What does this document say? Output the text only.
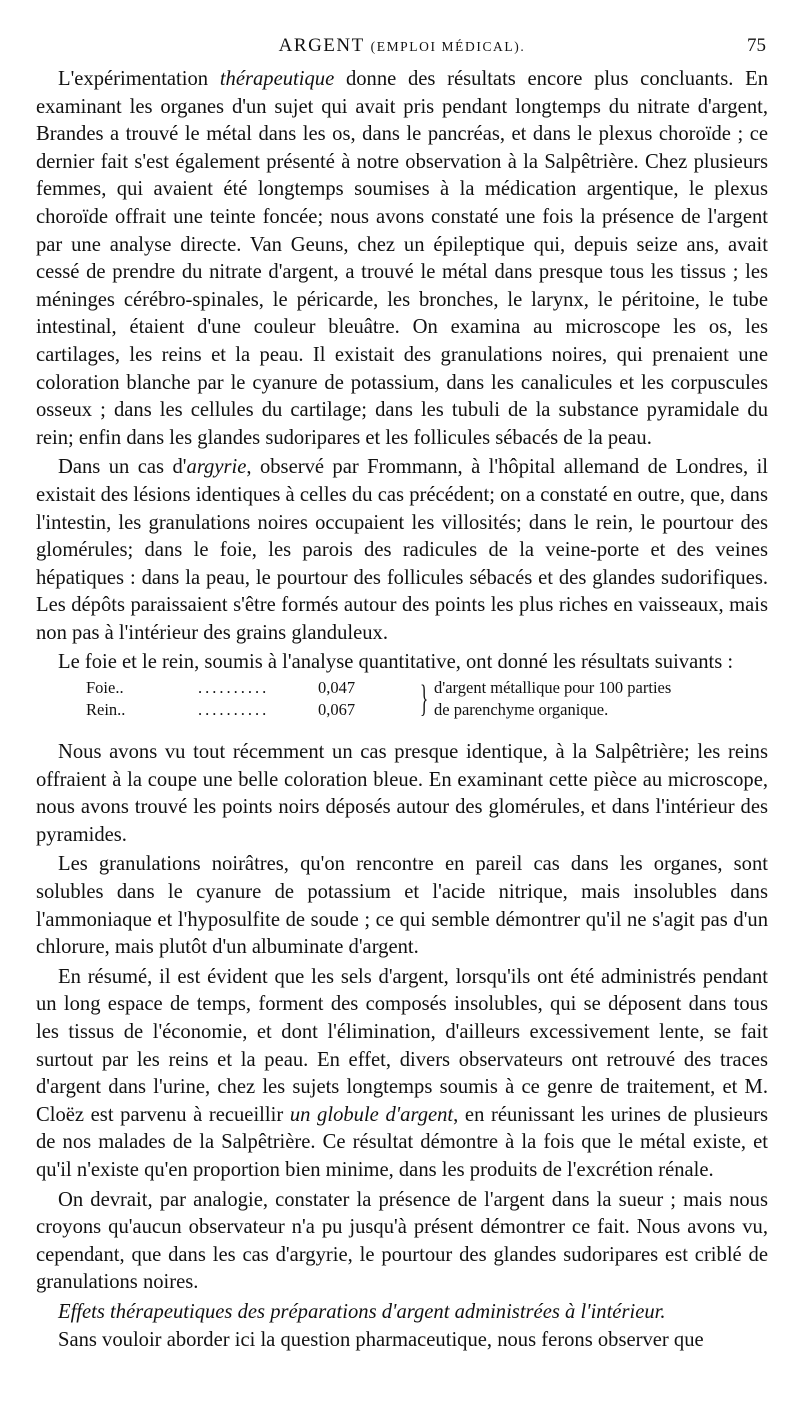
ARGENT (EMPLOI MÉDICAL).	75

L'expérimentation thérapeutique donne des résultats encore plus concluants. En examinant les organes d'un sujet qui avait pris pendant longtemps du nitrate d'argent, Brandes a trouvé le métal dans les os, dans le pancréas, et dans le plexus choroïde ; ce dernier fait s'est également présenté à notre observation à la Salpêtrière. Chez plusieurs femmes, qui avaient été longtemps soumises à la médication argentique, le plexus choroïde offrait une teinte foncée; nous avons constaté une fois la présence de l'argent par une analyse directe. Van Geuns, chez un épileptique qui, depuis seize ans, avait cessé de prendre du nitrate d'argent, a trouvé le métal dans presque tous les tissus ; les méninges cérébro-spinales, le péricarde, les bronches, le larynx, le péritoine, le tube intestinal, étaient d'une couleur bleuâtre. On examina au microscope les os, les cartilages, les reins et la peau. Il existait des granulations noires, qui prenaient une coloration blanche par le cyanure de potassium, dans les canalicules et les corpuscules osseux ; dans les cellules du cartilage; dans les tubuli de la substance pyramidale du rein; enfin dans les glandes sudoripares et les follicules sébacés de la peau.

Dans un cas d'argyrie, observé par Frommann, à l'hôpital allemand de Londres, il existait des lésions identiques à celles du cas précédent; on a constaté en outre, que, dans l'intestin, les granulations noires occupaient les villosités; dans le rein, le pourtour des glomérules; dans le foie, les parois des radicules de la veine-porte et des veines hépatiques : dans la peau, le pourtour des follicules sébacés et des glandes sudorifiques. Les dépôts paraissaient s'être formés autour des points les plus riches en vaisseaux, mais non pas à l'intérieur des grains glanduleux.

Le foie et le rein, soumis à l'analyse quantitative, ont donné les résultats suivants :

Foie..	..........	0,047
Rein..	..........	0,067	} d'argent métallique pour 100 parties
de parenchyme organique.

Nous avons vu tout récemment un cas presque identique, à la Salpêtrière; les reins offraient à la coupe une belle coloration bleue. En examinant cette pièce au microscope, nous avons trouvé les points noirs déposés autour des glomérules, et dans l'intérieur des pyramides.

Les granulations noirâtres, qu'on rencontre en pareil cas dans les organes, sont solubles dans le cyanure de potassium et l'acide nitrique, mais insolubles dans l'ammoniaque et l'hyposulfite de soude ; ce qui semble démontrer qu'il ne s'agit pas d'un chlorure, mais plutôt d'un albuminate d'argent.

En résumé, il est évident que les sels d'argent, lorsqu'ils ont été administrés pendant un long espace de temps, forment des composés insolubles, qui se déposent dans tous les tissus de l'économie, et dont l'élimination, d'ailleurs excessivement lente, se fait surtout par les reins et la peau. En effet, divers observateurs ont retrouvé des traces d'argent dans l'urine, chez les sujets longtemps soumis à ce genre de traitement, et M. Cloëz est parvenu à recueillir un globule d'argent, en réunissant les urines de plusieurs de nos malades de la Salpêtrière. Ce résultat démontre à la fois que le métal existe, et qu'il n'existe qu'en proportion bien minime, dans les produits de l'excrétion rénale.

On devrait, par analogie, constater la présence de l'argent dans la sueur ; mais nous croyons qu'aucun observateur n'a pu jusqu'à présent démontrer ce fait. Nous avons vu, cependant, que dans les cas d'argyrie, le pourtour des glandes sudoripares est criblé de granulations noires.

Effets thérapeutiques des préparations d'argent administrées à l'intérieur.

Sans vouloir aborder ici la question pharmaceutique, nous ferons observer que
